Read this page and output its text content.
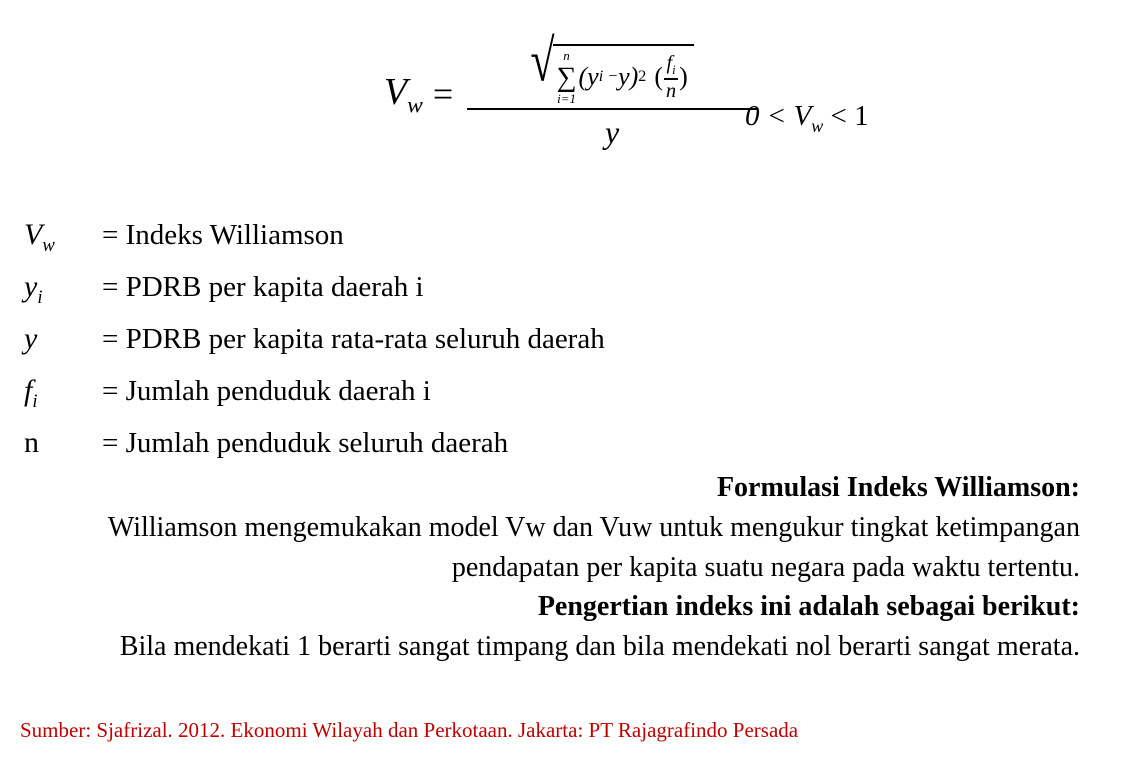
$V_w$ =
√ n
∑
i=1
(y i − y) 2 ( $f_i$
n )
y	$0 < V_w < 1$
$V_w$	= Indeks Williamson
$y_i$	= PDRB per kapita daerah i
y	= PDRB per kapita rata-rata seluruh daerah
$f_i$	= Jumlah penduduk daerah i
n	= Jumlah penduduk seluruh daerah

Formulasi Indeks Williamson:

Williamson mengemukakan model Vw dan Vuw untuk mengukur tingkat ketimpangan pendapatan per kapita suatu negara pada waktu tertentu.

Pengertian indeks ini adalah sebagai berikut:

Bila mendekati 1 berarti sangat timpang dan bila mendekati nol berarti sangat merata.

Sumber: Sjafrizal. 2012. Ekonomi Wilayah dan Perkotaan. Jakarta: PT Rajagrafindo Persada
